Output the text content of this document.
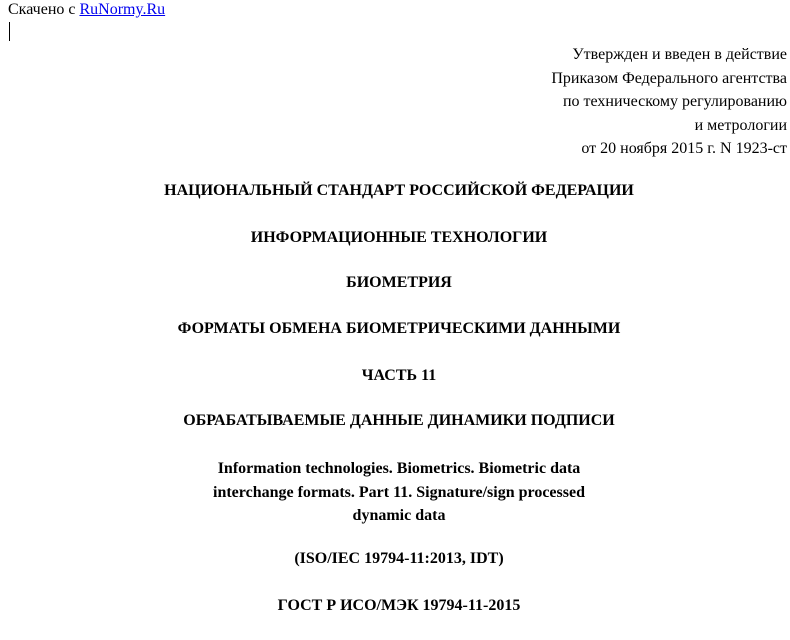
Скачено с RuNormy.Ru
Утвержден и введен в действие
Приказом Федерального агентства
по техническому регулированию
и метрологии
от 20 ноября 2015 г. N 1923-ст
НАЦИОНАЛЬНЫЙ СТАНДАРТ РОССИЙСКОЙ ФЕДЕРАЦИИ
ИНФОРМАЦИОННЫЕ ТЕХНОЛОГИИ
БИОМЕТРИЯ
ФОРМАТЫ ОБМЕНА БИОМЕТРИЧЕСКИМИ ДАННЫМИ
ЧАСТЬ 11
ОБРАБАТЫВАЕМЫЕ ДАННЫЕ ДИНАМИКИ ПОДПИСИ
Information technologies. Biometrics. Biometric data
interchange formats. Part 11. Signature/sign processed
dynamic data
(ISO/IEC 19794-11:2013, IDT)
ГОСТ Р ИСО/МЭК 19794-11-2015
